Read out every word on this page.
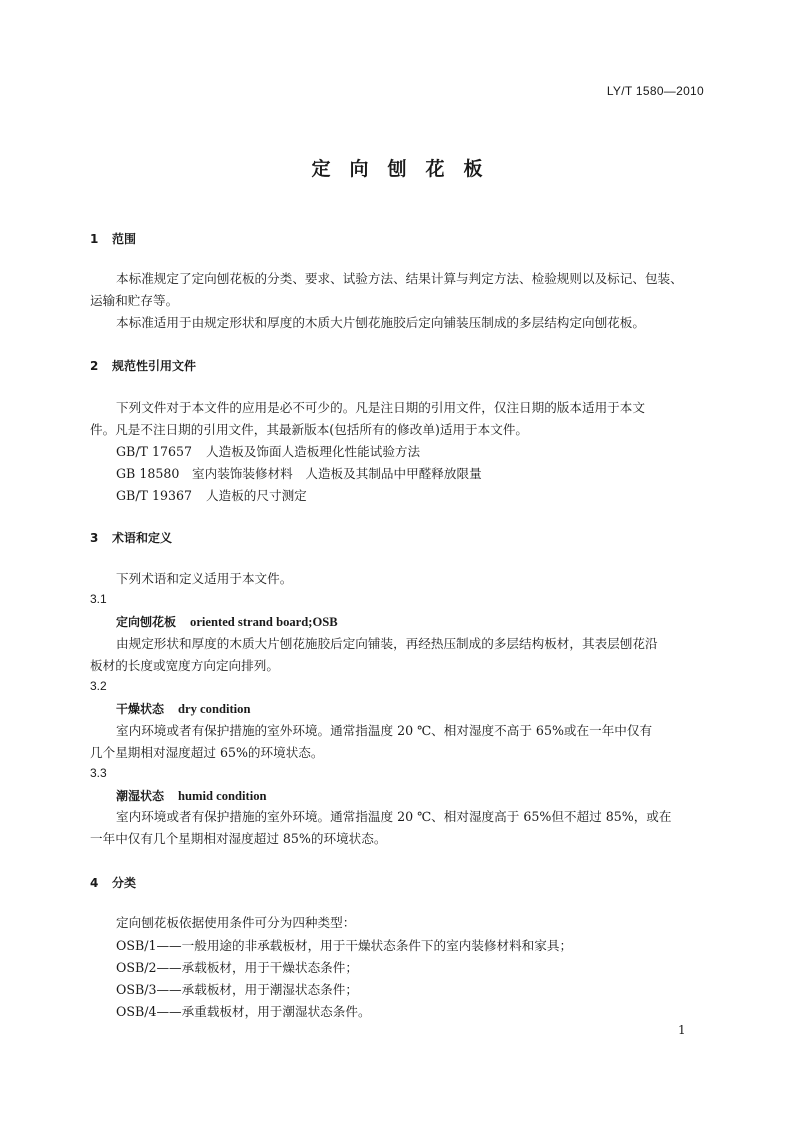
LY/T 1580—2010
定向刨花板
1 范围
本标准规定了定向刨花板的分类、要求、试验方法、结果计算与判定方法、检验规则以及标记、包装、
运输和贮存等。
本标准适用于由规定形状和厚度的木质大片刨花施胶后定向铺装压制成的多层结构定向刨花板。
2 规范性引用文件
下列文件对于本文件的应用是必不可少的。凡是注日期的引用文件，仅注日期的版本适用于本文
件。凡是不注日期的引用文件，其最新版本(包括所有的修改单)适用于本文件。
GB/T 17657 人造板及饰面人造板理化性能试验方法
GB 18580 室内装饰装修材料　人造板及其制品中甲醛释放限量
GB/T 19367 人造板的尺寸测定
3 术语和定义
下列术语和定义适用于本文件。
3.1
定向刨花板 oriented strand board;OSB
由规定形状和厚度的木质大片刨花施胶后定向铺装，再经热压制成的多层结构板材，其表层刨花沿
板材的长度或宽度方向定向排列。
3.2
干燥状态 dry condition
室内环境或者有保护措施的室外环境。通常指温度 20 ℃、相对湿度不高于 65%或在一年中仅有
几个星期相对湿度超过 65%的环境状态。
3.3
潮湿状态 humid condition
室内环境或者有保护措施的室外环境。通常指温度 20 ℃、相对湿度高于 65%但不超过 85%，或在
一年中仅有几个星期相对湿度超过 85%的环境状态。
4 分类
定向刨花板依据使用条件可分为四种类型：
OSB/1——一般用途的非承载板材，用于干燥状态条件下的室内装修材料和家具；
OSB/2——承载板材，用于干燥状态条件；
OSB/3——承载板材，用于潮湿状态条件；
OSB/4——承重载板材，用于潮湿状态条件。
1
